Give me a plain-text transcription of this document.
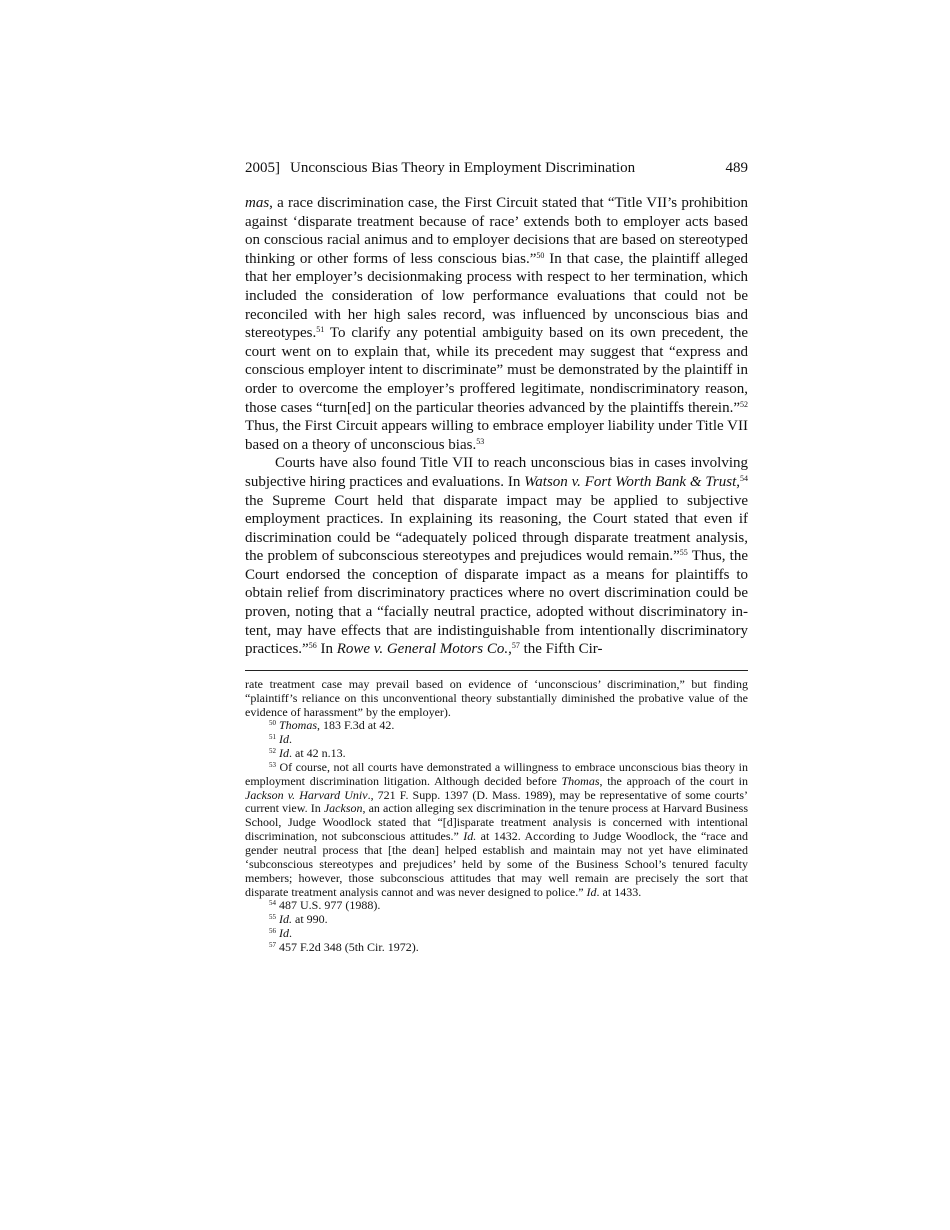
2005] Unconscious Bias Theory in Employment Discrimination	489

mas, a race discrimination case, the First Circuit stated that “Title VII’s prohibition against ‘disparate treatment because of race’ extends both to employer acts based on conscious racial animus and to employer decisions that are based on stereotyped thinking or other forms of less conscious bias.”$^{50}$ In that case, the plaintiff alleged that her employer’s decisionmaking process with respect to her termination, which included the consideration of low performance evaluations that could not be reconciled with her high sales record, was influenced by unconscious bias and stereotypes.$^{51}$ To clarify any potential ambiguity based on its own precedent, the court went on to explain that, while its precedent may suggest that “express and conscious employer intent to discriminate” must be demonstrated by the plaintiff in order to overcome the employer’s proffered legitimate, nondiscriminatory reason, those cases “turn[ed] on the particular theories advanced by the plaintiffs therein.”$^{52}$ Thus, the First Circuit appears willing to embrace employer liability under Title VII based on a theory of unconscious bias.$^{53}$

Courts have also found Title VII to reach unconscious bias in cases involving subjective hiring practices and evaluations. In Watson v. Fort Worth Bank & Trust,$^{54}$ the Supreme Court held that disparate impact may be applied to subjective employment practices. In explaining its reasoning, the Court stated that even if discrimination could be “adequately policed through disparate treatment analysis, the problem of subconscious stereotypes and prejudices would remain.”$^{55}$ Thus, the Court endorsed the conception of disparate impact as a means for plaintiffs to obtain relief from discriminatory practices where no overt discrimination could be proven, noting that a “facially neutral practice, adopted without discriminatory intent, may have effects that are indistinguishable from intentionally discriminatory practices.”$^{56}$ In Rowe v. General Motors Co.,$^{57}$ the Fifth Cir-

rate treatment case may prevail based on evidence of ‘unconscious’ discrimination,” but finding “plaintiff’s reliance on this unconventional theory substantially diminished the probative value of the evidence of harassment” by the employer).

$^{50}$ Thomas, 183 F.3d at 42.

$^{51}$ Id.

$^{52}$ Id. at 42 n.13.

$^{53}$ Of course, not all courts have demonstrated a willingness to embrace unconscious bias theory in employment discrimination litigation. Although decided before Thomas, the approach of the court in Jackson v. Harvard Univ., 721 F. Supp. 1397 (D. Mass. 1989), may be representative of some courts’ current view. In Jackson, an action alleging sex discrimination in the tenure process at Harvard Business School, Judge Woodlock stated that “[d]isparate treatment analysis is concerned with intentional discrimination, not subconscious attitudes.” Id. at 1432. According to Judge Woodlock, the “race and gender neutral process that [the dean] helped establish and maintain may not yet have eliminated ‘subconscious stereotypes and prejudices’ held by some of the Business School’s tenured faculty members; however, those subconscious attitudes that may well remain are precisely the sort that disparate treatment analysis cannot and was never designed to police.” Id. at 1433.

$^{54}$ 487 U.S. 977 (1988).

$^{55}$ Id. at 990.

$^{56}$ Id.

$^{57}$ 457 F.2d 348 (5th Cir. 1972).
